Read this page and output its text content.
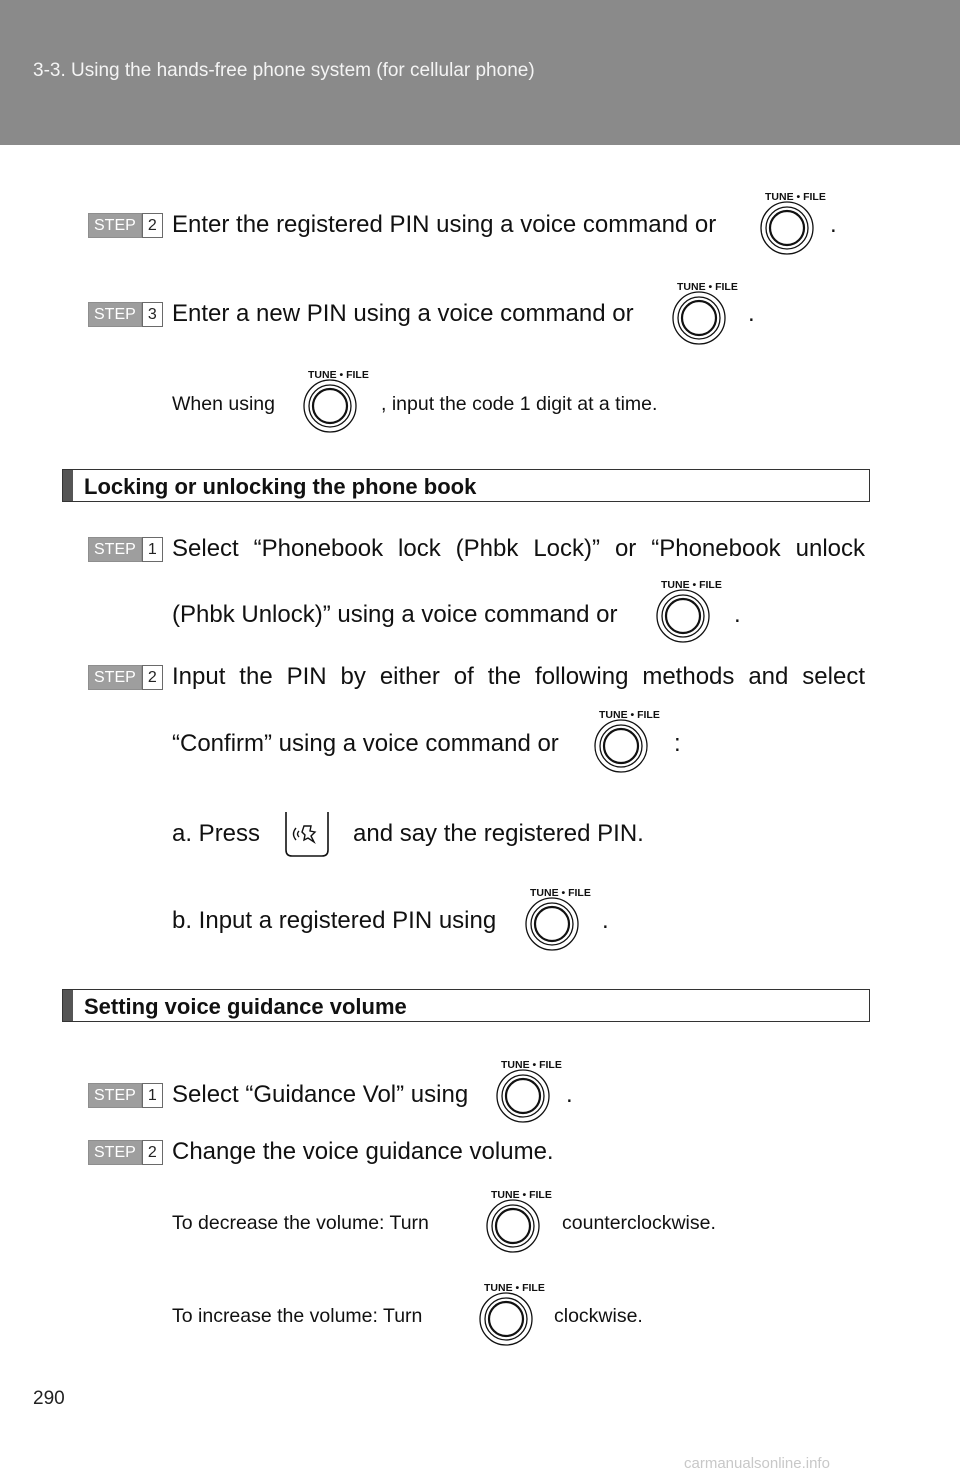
3-3. Using the hands-free phone system (for cellular phone)
STEP 2 Enter the registered PIN using a voice command or
TUNE • FILE
.
STEP 3 Enter a new PIN using a voice command or
TUNE • FILE
.
When using
TUNE • FILE
, input the code 1 digit at a time.
Locking or unlocking the phone book
STEP 1 Select “Phonebook lock (Phbk Lock)” or “Phonebook unlock
(Phbk Unlock)” using a voice command or
TUNE • FILE
.
STEP 2 Input the PIN by either of the following methods and select
“Confirm” using a voice command or
TUNE • FILE
:
a. Press	and say the registered PIN.
b. Input a registered PIN using
TUNE • FILE
.
Setting voice guidance volume
STEP 1 Select “Guidance Vol” using
TUNE • FILE
.
STEP 2 Change the voice guidance volume.
To decrease the volume: Turn
TUNE • FILE
counterclockwise.
To increase the volume: Turn
TUNE • FILE
clockwise.
290
carmanualsonline.info
